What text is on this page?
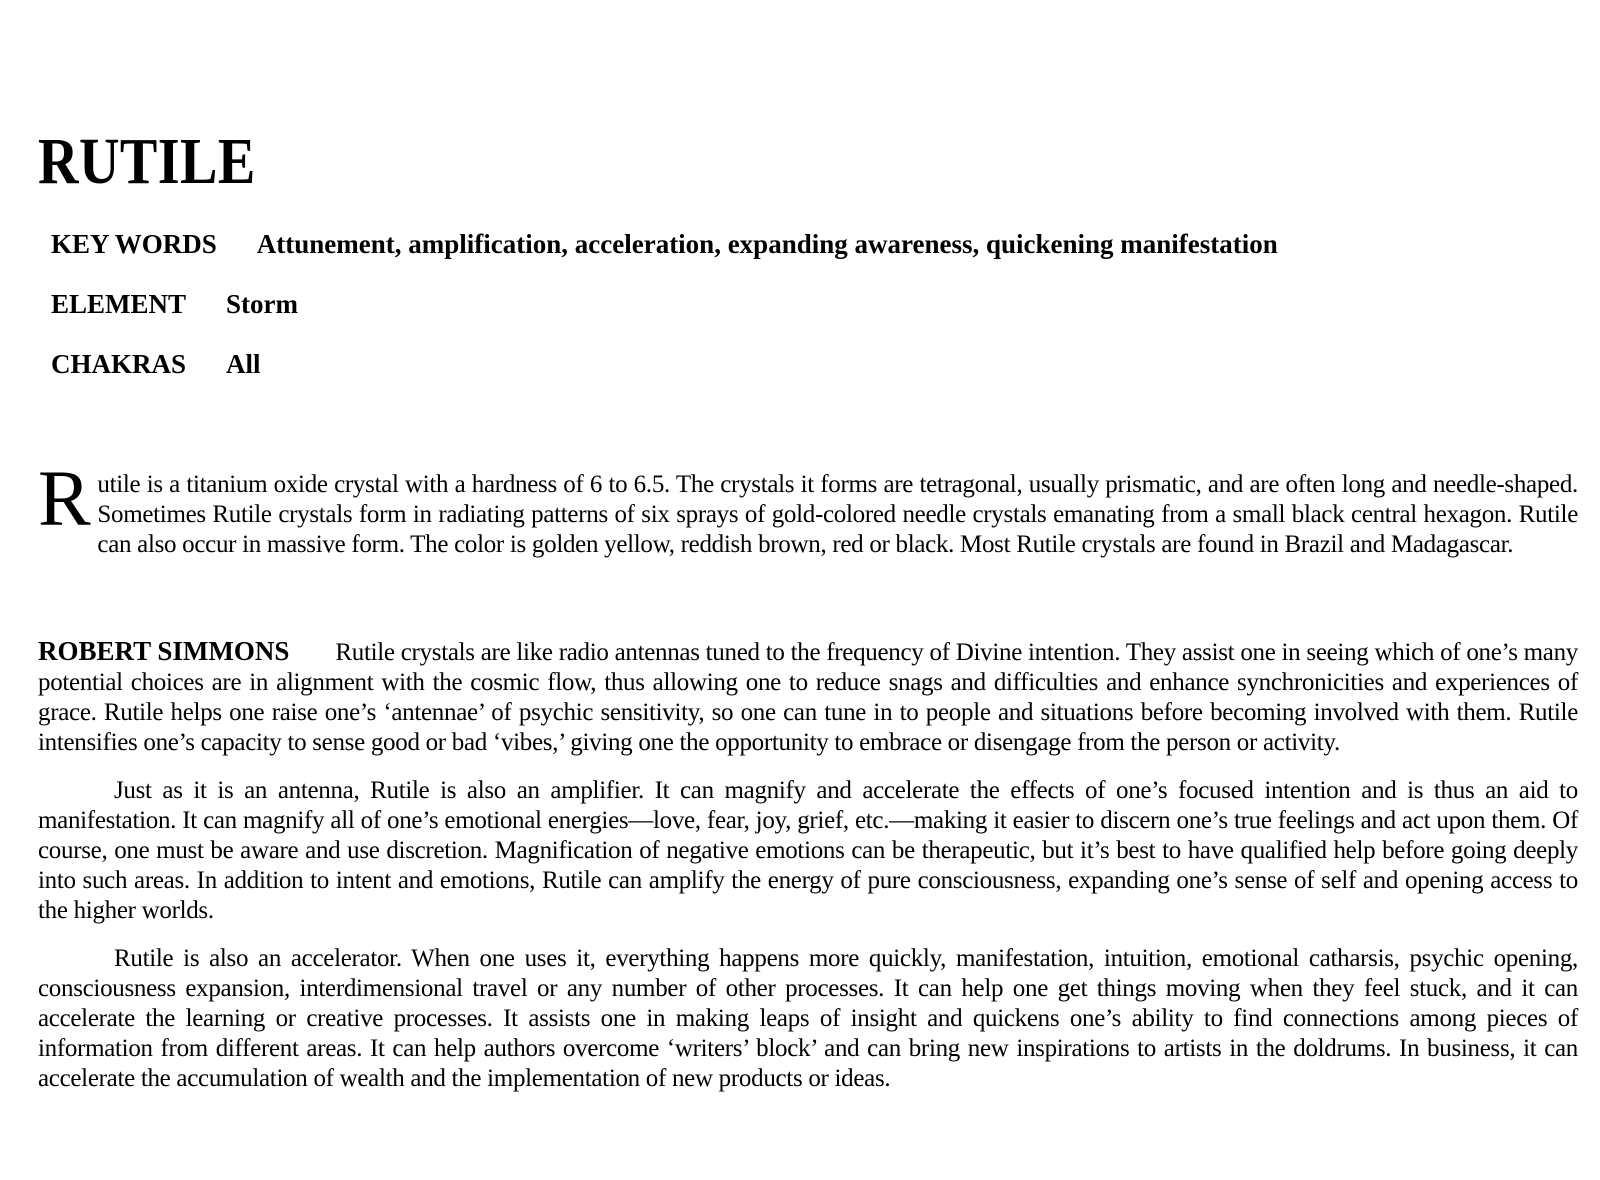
RUTILE
KEY WORDS Attunement, amplification, acceleration, expanding awareness, quickening manifestation
ELEMENT Storm
CHAKRAS All

Rutile is a titanium oxide crystal with a hardness of 6 to 6.5. The crystals it forms are tetragonal, usually prismatic, and are often long and needle-shaped. Sometimes Rutile crystals form in radiating patterns of six sprays of gold-colored needle crystals emanating from a small black central hexagon. Rutile can also occur in massive form. The color is golden yellow, reddish brown, red or black. Most Rutile crystals are found in Brazil and Madagascar.

ROBERT SIMMONS Rutile crystals are like radio antennas tuned to the frequency of Divine intention. They assist one in seeing which of one’s many potential choices are in alignment with the cosmic flow, thus allowing one to reduce snags and difficulties and enhance synchronicities and experiences of grace. Rutile helps one raise one’s ‘antennae’ of psychic sensitivity, so one can tune in to people and situations before becoming involved with them. Rutile intensifies one’s capacity to sense good or bad ‘vibes,’ giving one the opportunity to embrace or disengage from the person or activity.

Just as it is an antenna, Rutile is also an amplifier. It can magnify and accelerate the effects of one’s focused intention and is thus an aid to manifestation. It can magnify all of one’s emotional energies—love, fear, joy, grief, etc.—making it easier to discern one’s true feelings and act upon them. Of course, one must be aware and use discretion. Magnification of negative emotions can be therapeutic, but it’s best to have qualified help before going deeply into such areas. In addition to intent and emotions, Rutile can amplify the energy of pure consciousness, expanding one’s sense of self and opening access to the higher worlds.

Rutile is also an accelerator. When one uses it, everything happens more quickly, manifestation, intuition, emotional catharsis, psychic opening, consciousness expansion, interdimensional travel or any number of other processes. It can help one get things moving when they feel stuck, and it can accelerate the learning or creative processes. It assists one in making leaps of insight and quickens one’s ability to find connections among pieces of information from different areas. It can help authors overcome ‘writers’ block’ and can bring new inspirations to artists in the doldrums. In business, it can accelerate the accumulation of wealth and the implementation of new products or ideas.
